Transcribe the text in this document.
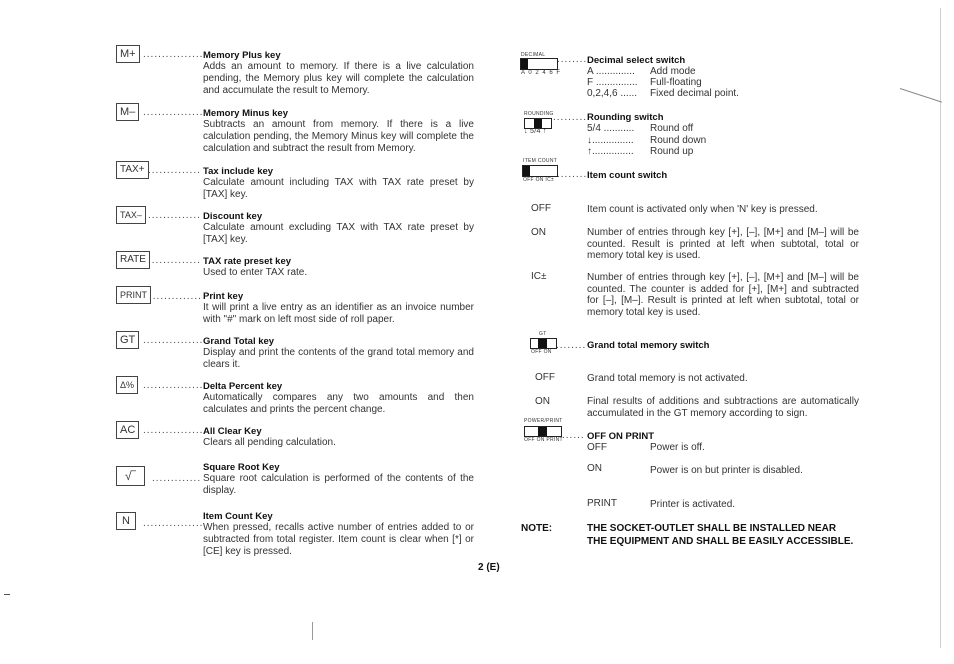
M+ ................ Memory Plus key
Adds an amount to memory. If there is a live calculation pending, the Memory plus key will complete the calculation and accumulate the result to Memory.
M– ................ Memory Minus key
Subtracts an amount from memory. If there is a live calculation pending, the Memory Minus key will complete the calculation and subtract the result from Memory.
TAX+ .............. Tax include key
Calculate amount including TAX with TAX rate preset by [TAX] key.
TAX– .............. Discount key
Calculate amount excluding TAX with TAX rate preset by [TAX] key.
RATE .............. TAX rate preset key
Used to enter TAX rate.
PRINT .............. Print key
It will print a live entry as an identifier as an invoice number with "#" mark on left most side of roll paper.
GT ................ Grand Total key
Display and print the contents of the grand total memory and clears it.
Δ% ................ Delta Percent key
Automatically compares any two amounts and then calculates and prints the percent change.
AC ................ All Clear Key
Clears all pending calculation.
√‾	.............
Square Root Key
Square root calculation is performed of the contents of the display.
N	................
Item Count Key
When pressed, recalls active number of entries added to or subtracted from total register. Item count is clear when [*] or [CE] key is pressed.
2 (E)
DECIMAL
A 0 2 4 6 F
........ Decimal select switch
A .............. Add mode
F ............... Full-floating
0,2,4,6 ...... Fixed decimal point.
ROUNDING
↓ 5/4 ↑
..........
Rounding switch
5/4 ........... Round off
↓............... Round down
↑............... Round up
ITEM COUNT
OFF ON IC± ........ Item count switch
OFF	Item count is activated only when 'N' key is pressed.
ON	Number of entries through key [+], [–], [M+] and [M–] will be counted. Result is printed at left when subtotal, total or memory total key is used.
IC±	Number of entries through key [+], [–], [M+] and [M–] will be counted. The counter is added for [+], [M+] and subtracted for [–], [M–]. Result is printed at left when subtotal, total or memory total key is used.
GT
OFF ON
........ Grand total memory switch
OFF	Grand total memory is not activated.
ON	Final results of additions and subtractions are automatically accumulated in the GT memory according to sign.
POWER/PRINT
OFF ON PRINT ...... OFF ON PRINT
OFF	Power is off.
ON	Power is on but printer is disabled.
PRINT	Printer is activated.
NOTE:	THE SOCKET-OUTLET SHALL BE INSTALLED NEAR
THE EQUIPMENT AND SHALL BE EASILY ACCESSIBLE.
